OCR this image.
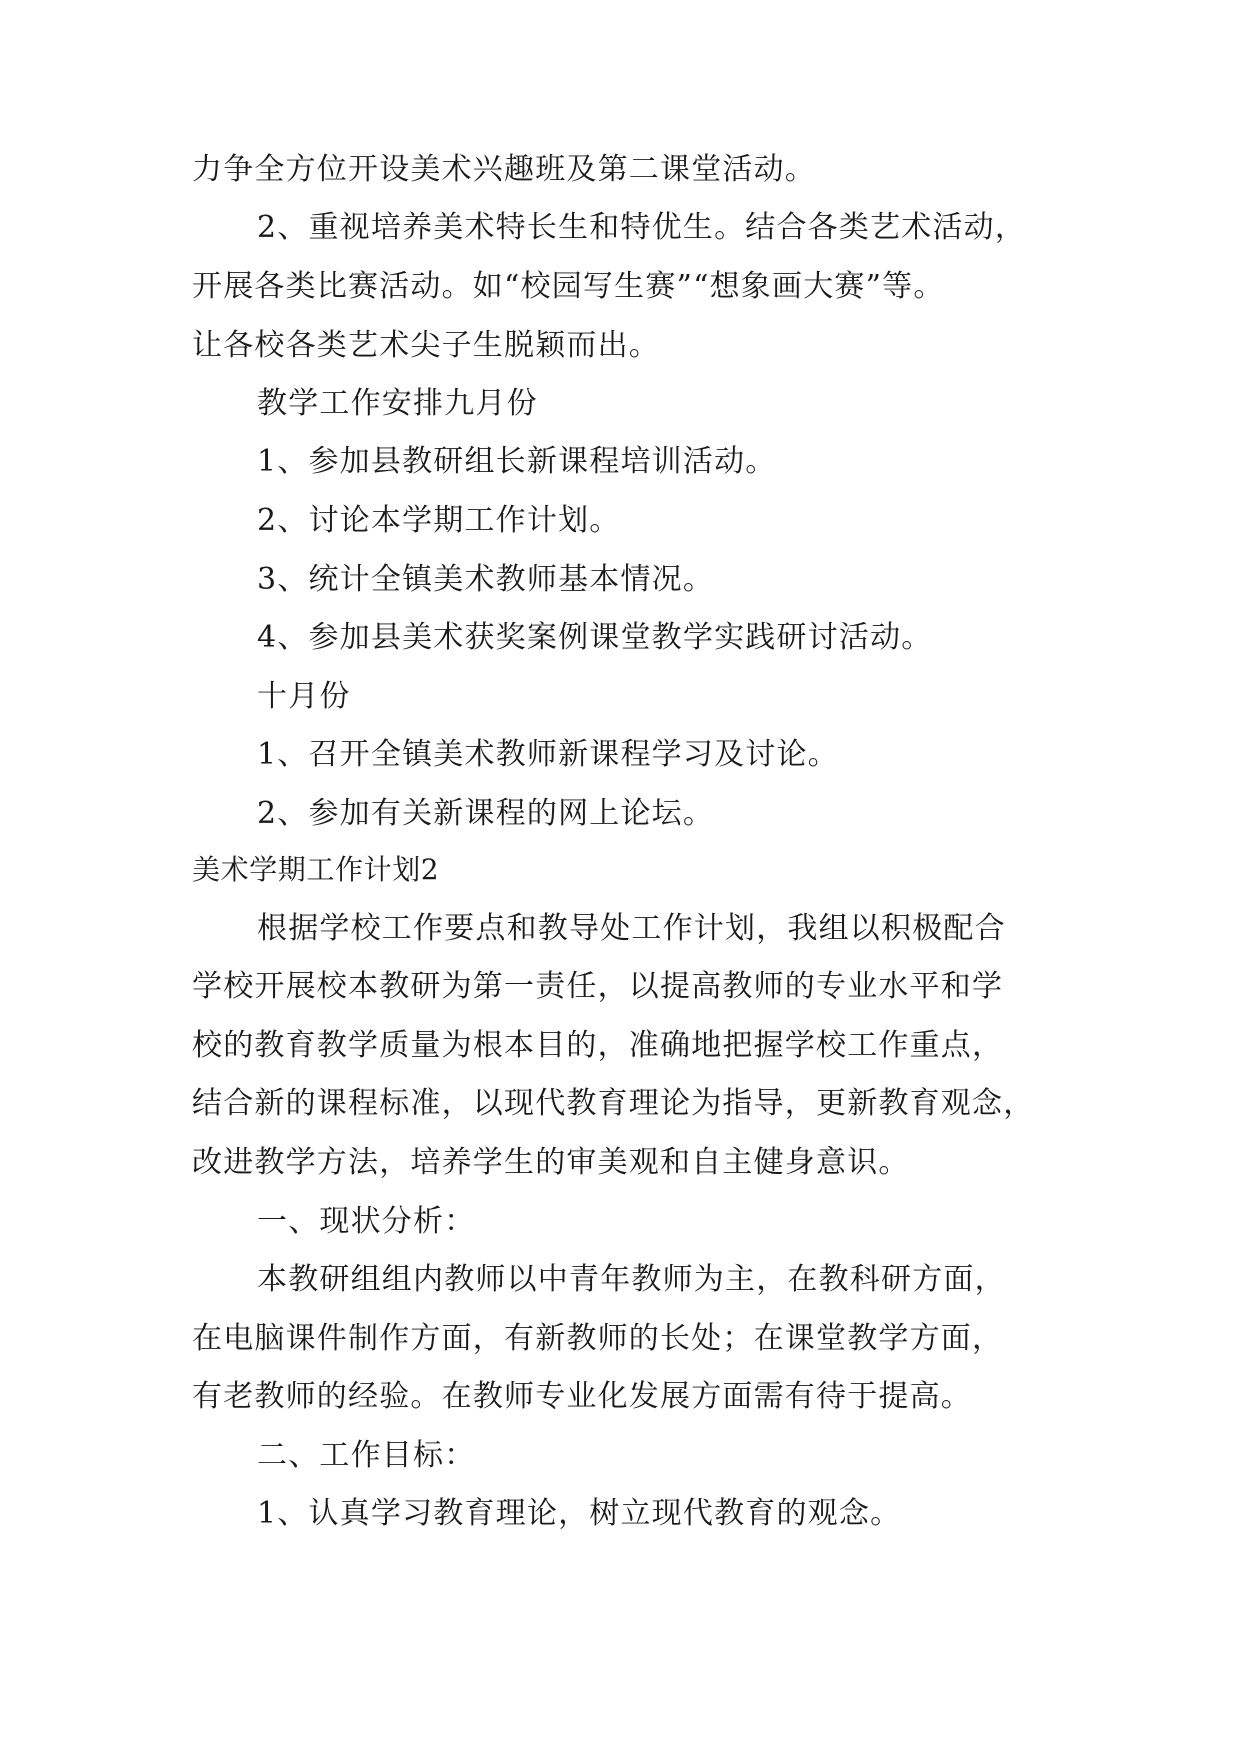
力争全方位开设美术兴趣班及第二课堂活动。
2、重视培养美术特长生和特优生。结合各类艺术活动，
开展各类比赛活动。如“校园写生赛”“想象画大赛”等。
让各校各类艺术尖子生脱颖而出。
教学工作安排九月份
1、参加县教研组长新课程培训活动。
2、讨论本学期工作计划。
3、统计全镇美术教师基本情况。
4、参加县美术获奖案例课堂教学实践研讨活动。
十月份
1、召开全镇美术教师新课程学习及讨论。
2、参加有关新课程的网上论坛。
美术学期工作计划2
根据学校工作要点和教导处工作计划，我组以积极配合
学校开展校本教研为第一责任，以提高教师的专业水平和学
校的教育教学质量为根本目的，准确地把握学校工作重点，
结合新的课程标准，以现代教育理论为指导，更新教育观念，
改进教学方法，培养学生的审美观和自主健身意识。
一、现状分析：
本教研组组内教师以中青年教师为主，在教科研方面，
在电脑课件制作方面，有新教师的长处；在课堂教学方面，
有老教师的经验。在教师专业化发展方面需有待于提高。
二、工作目标：
1、认真学习教育理论，树立现代教育的观念。
